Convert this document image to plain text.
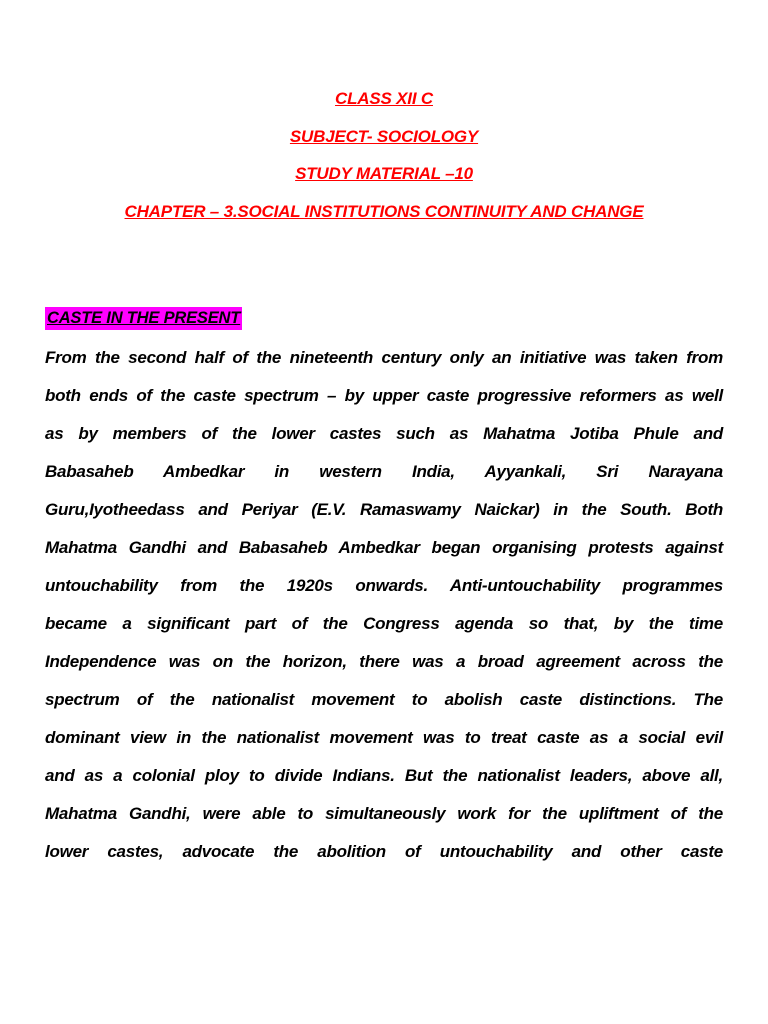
CLASS XII C
SUBJECT- SOCIOLOGY
STUDY MATERIAL –10
CHAPTER – 3.SOCIAL INSTITUTIONS CONTINUITY AND CHANGE
CASTE IN THE PRESENT
From the second half of the nineteenth century only an initiative was taken from
both ends of the caste spectrum – by upper caste progressive reformers as well
as by members of the lower castes such as Mahatma Jotiba Phule and
Babasaheb Ambedkar in western India, Ayyankali, Sri Narayana
Guru,Iyotheedass and Periyar (E.V. Ramaswamy Naickar) in the South. Both
Mahatma Gandhi and Babasaheb Ambedkar began organising protests against
untouchability from the 1920s onwards. Anti-untouchability programmes
became a significant part of the Congress agenda so that, by the time
Independence was on the horizon, there was a broad agreement across the
spectrum of the nationalist movement to abolish caste distinctions. The
dominant view in the nationalist movement was to treat caste as a social evil
and as a colonial ploy to divide Indians. But the nationalist leaders, above all,
Mahatma Gandhi, were able to simultaneously work for the upliftment of the
lower castes, advocate the abolition of untouchability and other caste
